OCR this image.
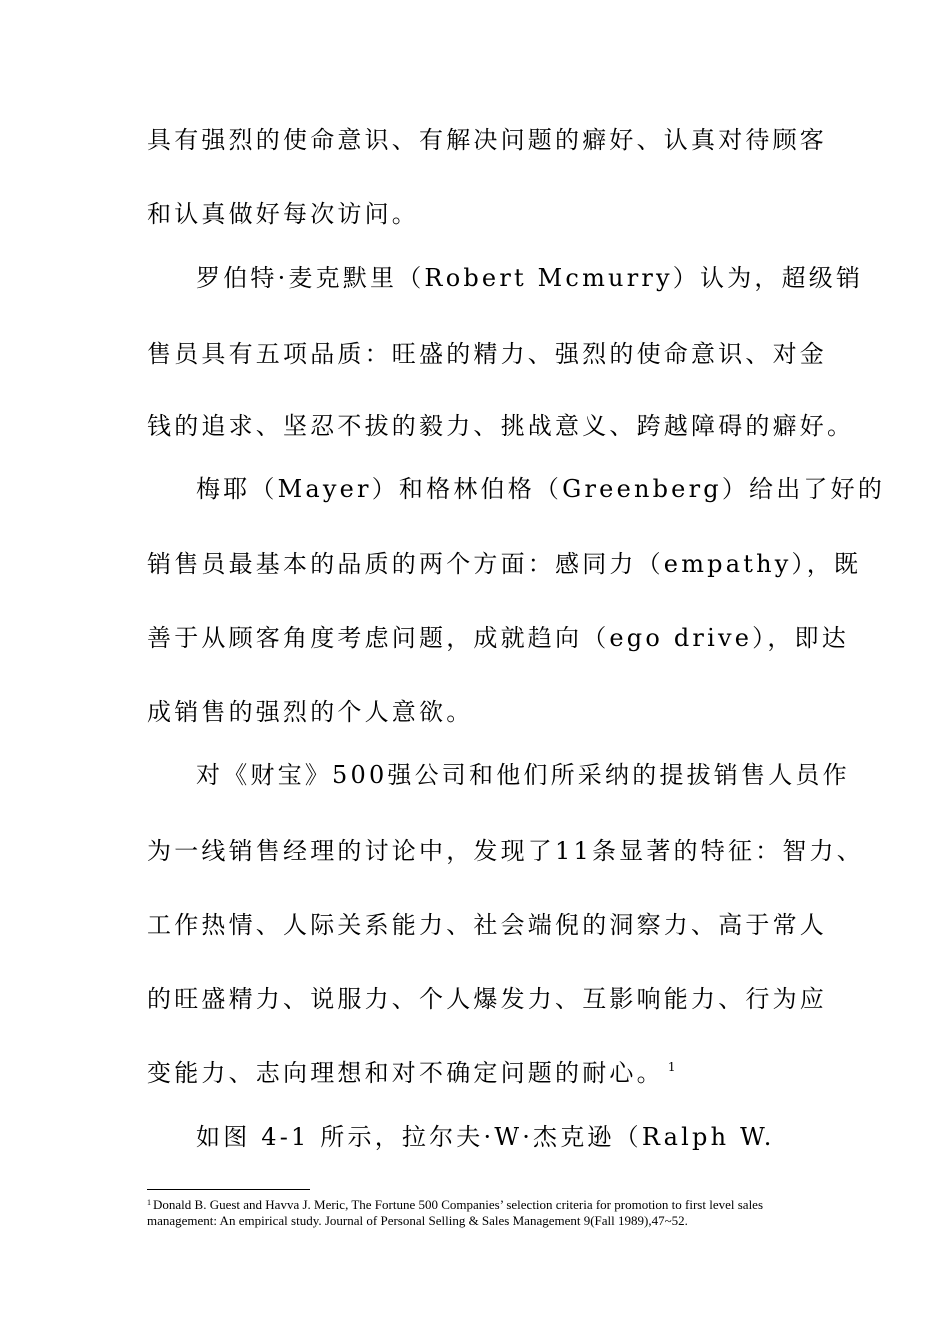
具有强烈的使命意识、有解决问题的癖好、认真对待顾客
和认真做好每次访问。
罗伯特·麦克默里（Robert Mcmurry）认为，超级销
售员具有五项品质：旺盛的精力、强烈的使命意识、对金
钱的追求、坚忍不拔的毅力、挑战意义、跨越障碍的癖好。
梅耶（Mayer）和格林伯格（Greenberg）给出了好的
销售员最基本的品质的两个方面：感同力（empathy），既
善于从顾客角度考虑问题，成就趋向（ego drive），即达
成销售的强烈的个人意欲。
对《财宝》500强公司和他们所采纳的提拔销售人员作
为一线销售经理的讨论中，发现了11条显著的特征：智力、
工作热情、人际关系能力、社会端倪的洞察力、高于常人
的旺盛精力、说服力、个人爆发力、互影响能力、行为应
变能力、志向理想和对不确定问题的耐心。 $^1$
如图 4-1 所示，拉尔夫·W·杰克逊（Ralph W.
$^1$ Donald B. Guest and Havva J. Meric, The Fortune 500 Companies’ selection criteria for promotion to first level sales management: An empirical study. Journal of Personal Selling & Sales Management 9(Fall 1989),47~52.
